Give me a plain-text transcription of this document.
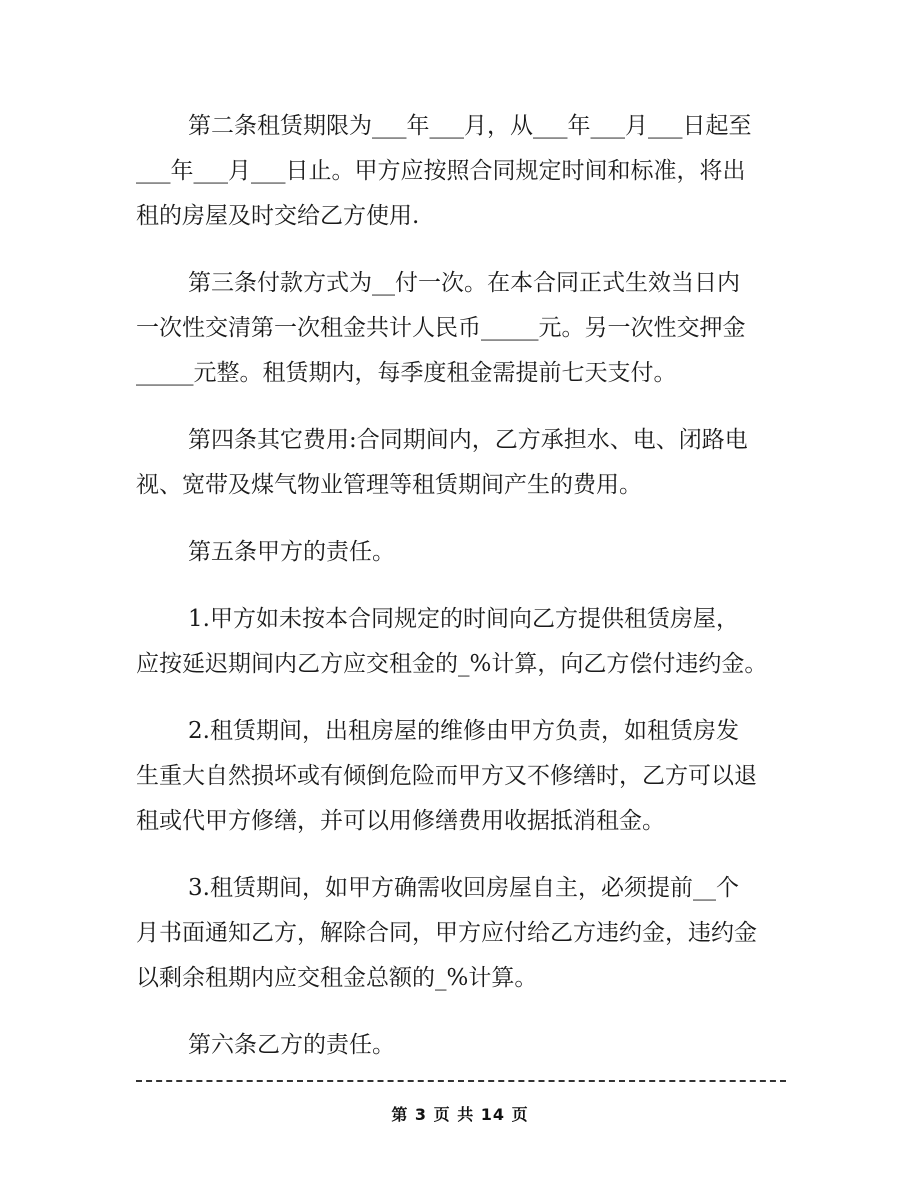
第二条租赁期限为___年___月，从___年___月___日起至
___年___月___日止。甲方应按照合同规定时间和标准，将出
租的房屋及时交给乙方使用.
第三条付款方式为__付一次。在本合同正式生效当日内
一次性交清第一次租金共计人民币_____元。另一次性交押金
_____元整。租赁期内，每季度租金需提前七天支付。
第四条其它费用:合同期间内，乙方承担水、电、闭路电
视、宽带及煤气物业管理等租赁期间产生的费用。
第五条甲方的责任。
1.甲方如未按本合同规定的时间向乙方提供租赁房屋，
应按延迟期间内乙方应交租金的_%计算，向乙方偿付违约金。
2.租赁期间，出租房屋的维修由甲方负责，如租赁房发
生重大自然损坏或有倾倒危险而甲方又不修缮时，乙方可以退
租或代甲方修缮，并可以用修缮费用收据抵消租金。
3.租赁期间，如甲方确需收回房屋自主，必须提前__个
月书面通知乙方，解除合同，甲方应付给乙方违约金，违约金
以剩余租期内应交租金总额的_%计算。
第六条乙方的责任。
第 3 页 共 14 页
